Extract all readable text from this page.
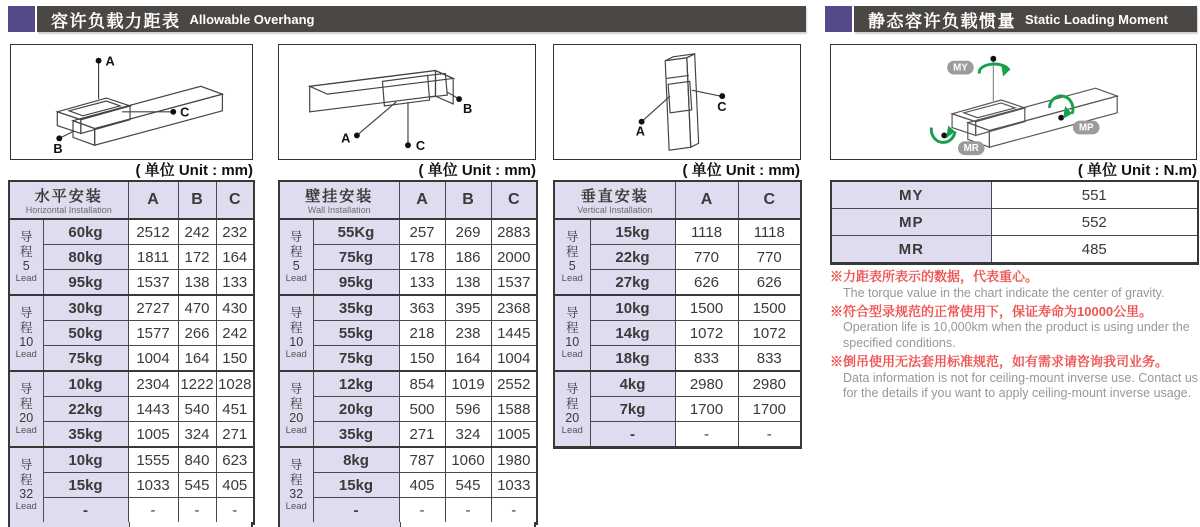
容许负载力距表 Allowable Overhang	静态容许负载惯量 Static Loading Moment
A
B
C
A
B
C
A
C
MY
MP
MR
( 单位 Unit : mm)	( 单位 Unit : mm)	( 单位 Unit : mm)	( 单位 Unit : N.m)
水平安装
Horizontal Installation		A	B	C

导
程
5
Lead	60kg	2512	242	232
	80kg	1811	172	164
	95kg	1537	138	133

导
程
10
Lead	30kg	2727	470	430
	50kg	1577	266	242
	75kg	1004	164	150

导
程
20
Lead	10kg	2304	1222	1028
	22kg	1443	540	451
	35kg	1005	324	271

导
程
32
Lead	10kg	1555	840	623
	15kg	1033	545	405
	-	-	-	-
壁挂安装
Wall Installation		A	B	C

导
程
5
Lead	55Kg	257	269	2883
	75kg	178	186	2000
	95kg	133	138	1537

导
程
10
Lead	35kg	363	395	2368
	55kg	218	238	1445
	75kg	150	164	1004

导
程
20
Lead	12kg	854	1019	2552
	20kg	500	596	1588
	35kg	271	324	1005

导
程
32
Lead	8kg	787	1060	1980
	15kg	405	545	1033
	-	-	-	-
垂直安装
Vertical Installation		A	C

导
程
5
Lead	15kg	1118	1118
	22kg	770	770
	27kg	626	626

导
程
10
Lead	10kg	1500	1500
	14kg	1072	1072
	18kg	833	833

导
程
20
Lead	4kg	2980	2980
	7kg	1700	1700
	-	-	-
MY	551
MP	552
MR	485
※力距表所表示的数据，代表重心。
The torque value in the chart indicate the center of gravity.
※符合型录规范的正常使用下，保证寿命为10000公里。
Operation life is 10,000km when the product is using under the specified conditions.
※倒吊使用无法套用标准规范，如有需求请咨询我司业务。
Data information is not for ceiling-mount inverse use. Contact us for the details if you want to apply ceiling-mount inverse usage.
